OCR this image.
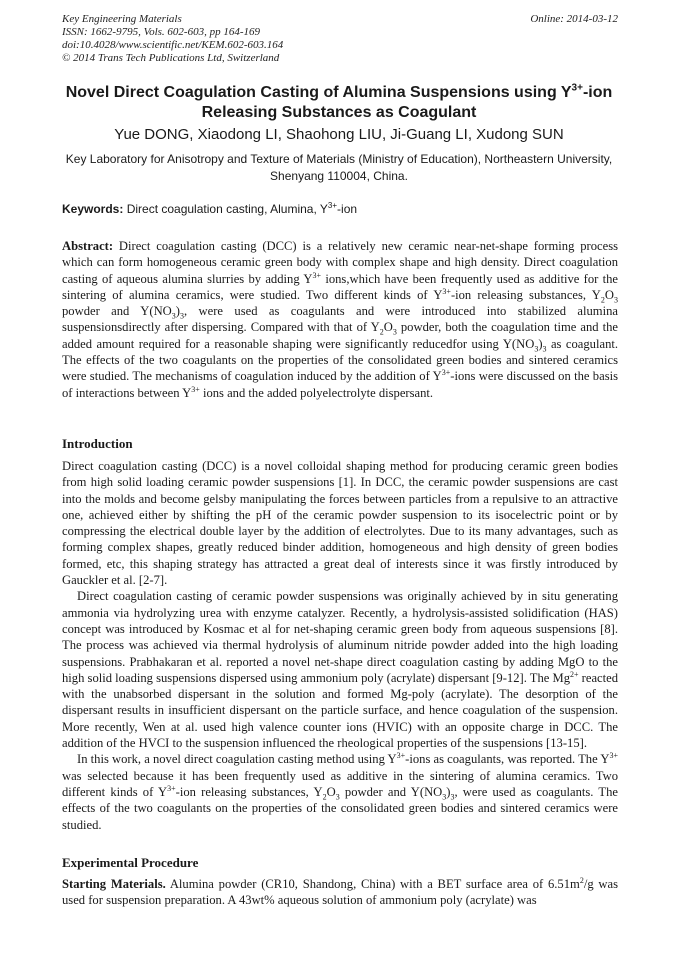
Key Engineering Materials
ISSN: 1662-9795, Vols. 602-603, pp 164-169
doi:10.4028/www.scientific.net/KEM.602-603.164
© 2014 Trans Tech Publications Ltd, Switzerland
Online: 2014-03-12
Novel Direct Coagulation Casting of Alumina Suspensions using $Y^{3+}$-ion Releasing Substances as Coagulant
Yue DONG, Xiaodong LI, Shaohong LIU, Ji-Guang LI, Xudong SUN
Key Laboratory for Anisotropy and Texture of Materials (Ministry of Education), Northeastern University, Shenyang 110004, China.
Keywords: Direct coagulation casting, Alumina, $Y^{3+}$-ion
Abstract: Direct coagulation casting (DCC) is a relatively new ceramic near-net-shape forming process which can form homogeneous ceramic green body with complex shape and high density. Direct coagulation casting of aqueous alumina slurries by adding $Y^{3+}$ ions,which have been frequently used as additive for the sintering of alumina ceramics, were studied. Two different kinds of $Y^{3+}$-ion releasing substances, $Y_2O_3$ powder and $Y(NO_3)_3$, were used as coagulants and were introduced into stabilized alumina suspensionsdirectly after dispersing. Compared with that of $Y_2O_3$ powder, both the coagulation time and the added amount required for a reasonable shaping were significantly reducedfor using $Y(NO_3)_3$ as coagulant. The effects of the two coagulants on the properties of the consolidated green bodies and sintered ceramics were studied. The mechanisms of coagulation induced by the addition of $Y^{3+}$-ions were discussed on the basis of interactions between $Y^{3+}$ ions and the added polyelectrolyte dispersant.
Introduction

Direct coagulation casting (DCC) is a novel colloidal shaping method for producing ceramic green bodies from high solid loading ceramic powder suspensions [1]. In DCC, the ceramic powder suspensions are cast into the molds and become gelsby manipulating the forces between particles from a repulsive to an attractive one, achieved either by shifting the pH of the ceramic powder suspension to its isocelectric point or by compressing the electrical double layer by the addition of electrolytes. Due to its many advantages, such as forming complex shapes, greatly reduced binder addition, homogeneous and high density of green bodies formed, etc, this shaping strategy has attracted a great deal of interests since it was firstly introduced by Gauckler et al. [2-7].

Direct coagulation casting of ceramic powder suspensions was originally achieved by in situ generating ammonia via hydrolyzing urea with enzyme catalyzer. Recently, a hydrolysis-assisted solidification (HAS) concept was introduced by Kosmac et al for net-shaping ceramic green body from aqueous suspensions [8]. The process was achieved via thermal hydrolysis of aluminum nitride powder added into the high loading suspensions. Prabhakaran et al. reported a novel net-shape direct coagulation casting by adding MgO to the high solid loading suspensions dispersed using ammonium poly (acrylate) dispersant [9-12]. The $Mg^{2+}$ reacted with the unabsorbed dispersant in the solution and formed Mg-poly (acrylate). The desorption of the dispersant results in insufficient dispersant on the particle surface, and hence coagulation of the suspension. More recently, Wen at al. used high valence counter ions (HVIC) with an opposite charge in DCC. The addition of the HVCI to the suspension influenced the rheological properties of the suspensions [13-15].

In this work, a novel direct coagulation casting method using $Y^{3+}$-ions as coagulants, was reported. The $Y^{3+}$ was selected because it has been frequently used as additive in the sintering of alumina ceramics. Two different kinds of $Y^{3+}$-ion releasing substances, $Y_2O_3$ powder and $Y(NO_3)_3$, were used as coagulants. The effects of the two coagulants on the properties of the consolidated green bodies and sintered ceramics were studied.

Experimental Procedure
Starting Materials. Alumina powder (CR10, Shandong, China) with a BET surface area of $6.51m^2/g$ was used for suspension preparation. A 43wt% aqueous solution of ammonium poly (acrylate) was
